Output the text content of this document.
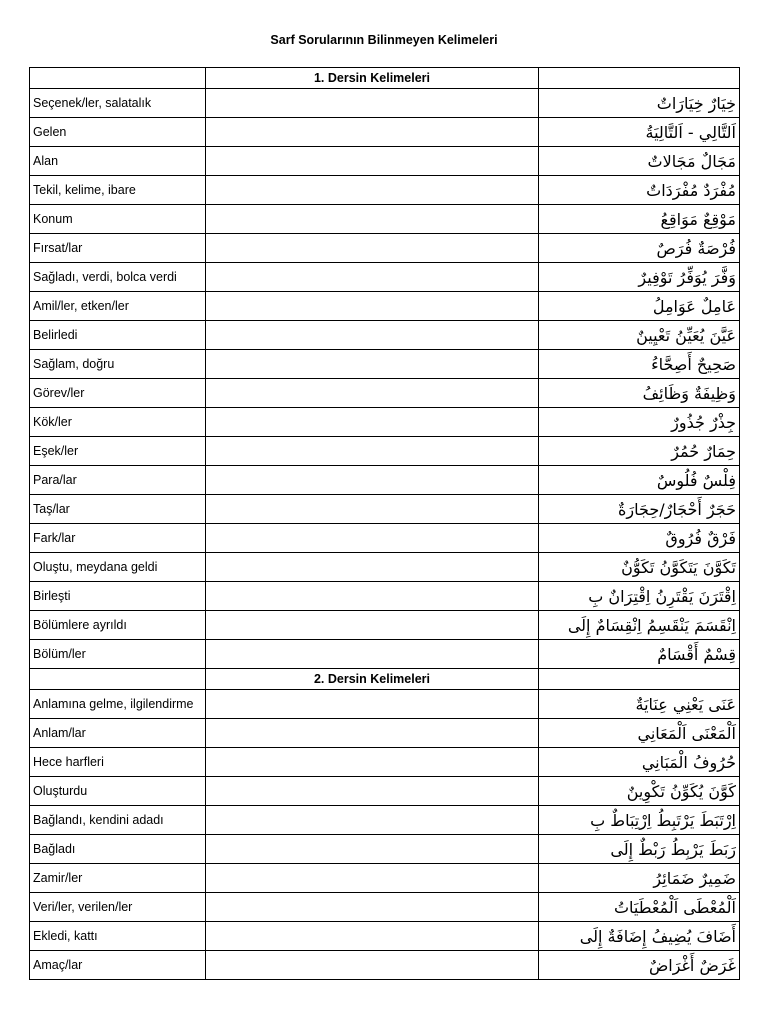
Sarf Sorularının Bilinmeyen Kelimeleri
	1. Dersin Kelimeleri	
Seçenek/ler, salatalık		خِيَارٌ خِيَارَاتٌ
Gelen		اَلتَّالِي - اَلتَّالِيَةُ
Alan		مَجَالٌ مَجَالاتٌ
Tekil, kelime, ibare		مُفْرَدٌ مُفْرَدَاتٌ
Konum		مَوْقِعٌ مَوَاقِعُ
Fırsat/lar		فُرْصَةٌ فُرَصٌ
Sağladı, verdi, bolca verdi		وَفَّرَ يُوَفِّرُ تَوْفِيرٌ
Amil/ler, etken/ler		عَامِلٌ عَوَامِلُ
Belirledi		عَيَّنَ يُعَيِّنُ تَعْيِينٌ
Sağlam, doğru		صَحِيحٌ أَصِحَّاءُ
Görev/ler		وَظِيفَةٌ وَظَائِفُ
Kök/ler		جِذْرٌ جُذُورٌ
Eşek/ler		حِمَارٌ حُمُرٌ
Para/lar		فِلْسٌ فُلُوسٌ
Taş/lar		حَجَرٌ أَحْجَارٌ/حِجَارَةٌ
Fark/lar		فَرْقٌ فُرُوقٌ
Oluştu, meydana geldi		تَكَوَّنَ يَتَكَوَّنُ تَكَوُّنٌ
Birleşti		اِقْتَرَنَ يَقْتَرِنُ اِقْتِرَانٌ بِ
Bölümlere ayrıldı		اِنْقَسَمَ يَنْقَسِمُ اِنْقِسَامٌ إِلَى
Bölüm/ler		قِسْمٌ أَقْسَامٌ
	2. Dersin Kelimeleri	
Anlamına gelme, ilgilendirme		عَنَى يَعْنِي عِنَايَةٌ
Anlam/lar		اَلْمَعْنَى اَلْمَعَانِي
Hece harfleri		حُرُوفُ الْمَبَانِي
Oluşturdu		كَوَّنَ يُكَوِّنُ تَكْوِينٌ
Bağlandı, kendini adadı		اِرْتَبَطَ يَرْتَبِطُ اِرْتِبَاطٌ بِ
Bağladı		رَبَطَ يَرْبِطُ رَبْطٌ إِلَى
Zamir/ler		ضَمِيرٌ ضَمَائِرُ
Veri/ler, verilen/ler		اَلْمُعْطَى اَلْمُعْطَيَاتُ
Ekledi, kattı		أَضَافَ يُضِيفُ إِضَافَةٌ إِلَى
Amaç/lar		غَرَضٌ أَغْرَاضٌ
